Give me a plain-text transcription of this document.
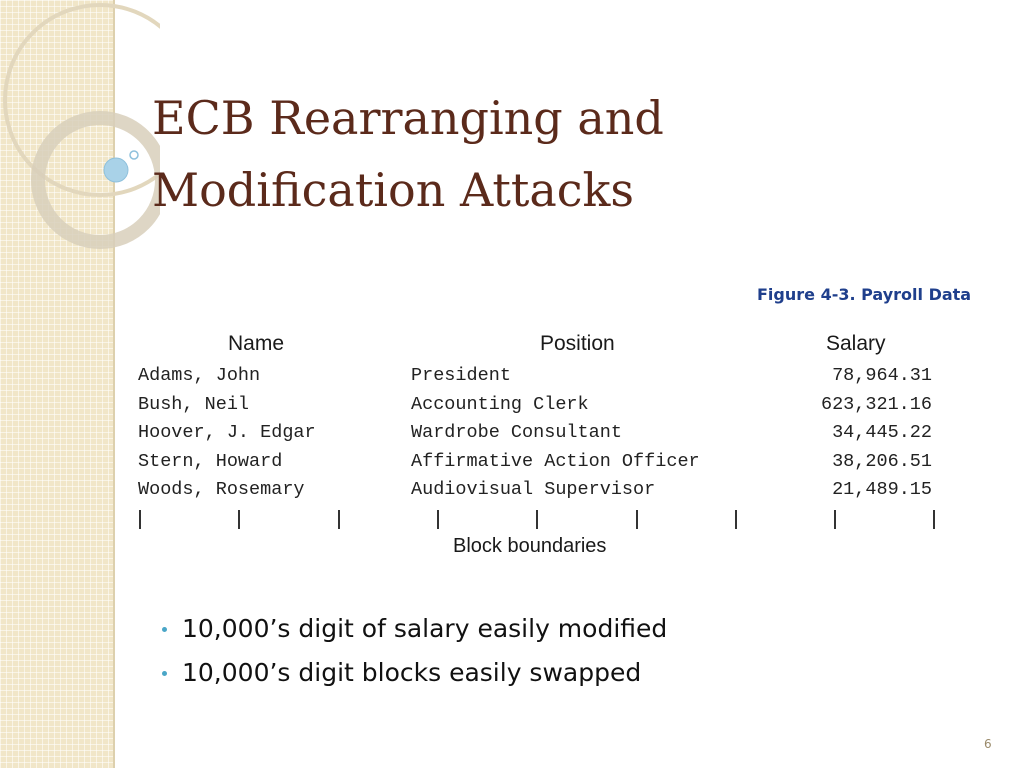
ECB Rearranging and
Modification Attacks
Figure 4-3. Payroll Data
Name	Position	Salary
Adams, John	President	78,964.31
Bush, Neil	Accounting Clerk	623,321.16
Hoover, J. Edgar	Wardrobe Consultant	34,445.22
Stern, Howard	Affirmative Action Officer	38,206.51
Woods, Rosemary	Audiovisual Supervisor	21,489.15
Block boundaries
10,000’s digit of salary easily modified
10,000’s digit blocks easily swapped
6
